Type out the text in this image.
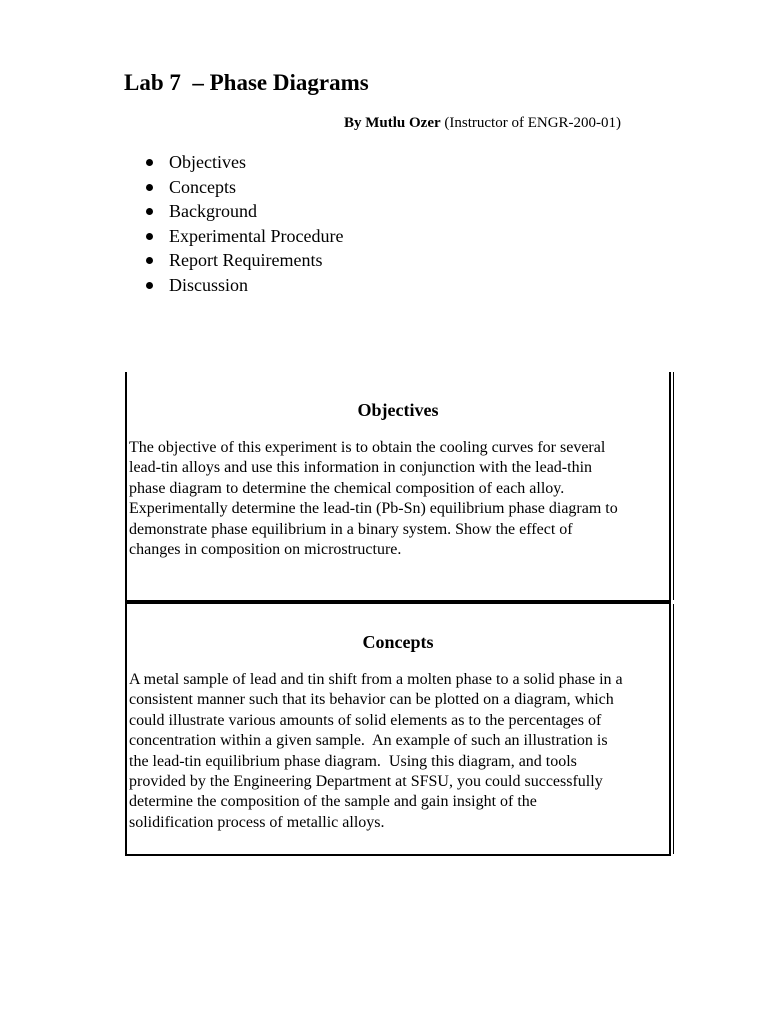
Lab 7  – Phase Diagrams
By Mutlu Ozer (Instructor of ENGR-200-01)
Objectives
Concepts
Background
Experimental Procedure
Report Requirements
Discussion
Objectives

The objective of this experiment is to obtain the cooling curves for several
lead-tin alloys and use this information in conjunction with the lead-thin
phase diagram to determine the chemical composition of each alloy.
Experimentally determine the lead-tin (Pb-Sn) equilibrium phase diagram to
demonstrate phase equilibrium in a binary system. Show the effect of
changes in composition on microstructure.

Concepts

A metal sample of lead and tin shift from a molten phase to a solid phase in a
consistent manner such that its behavior can be plotted on a diagram, which
could illustrate various amounts of solid elements as to the percentages of
concentration within a given sample.  An example of such an illustration is
the lead-tin equilibrium phase diagram.  Using this diagram, and tools
provided by the Engineering Department at SFSU, you could successfully
determine the composition of the sample and gain insight of the
solidification process of metallic alloys.
